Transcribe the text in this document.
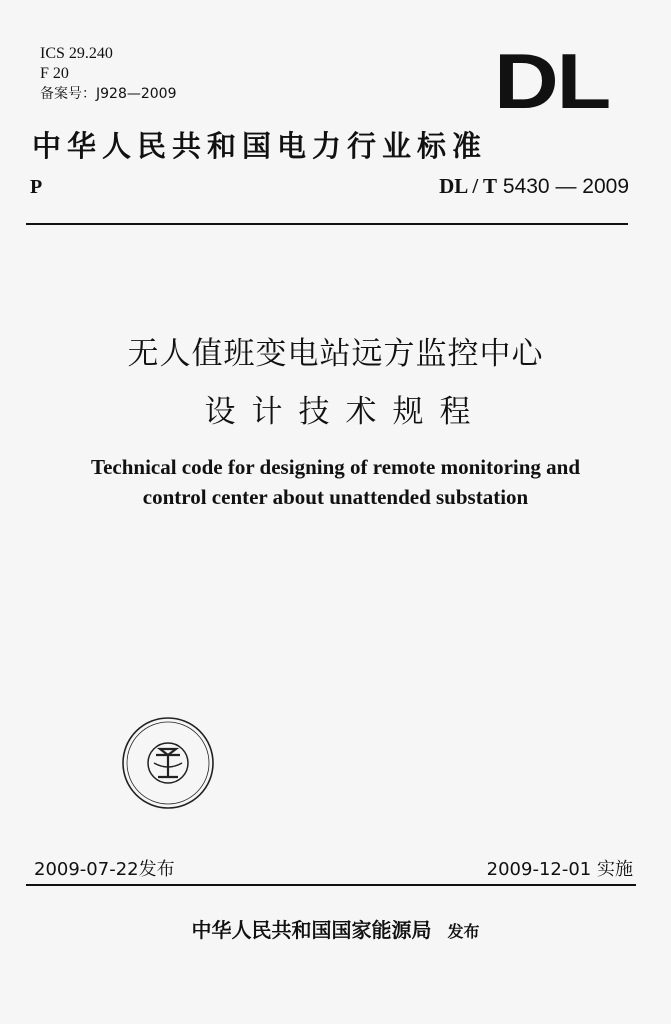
ICS 29.240
F 20
备案号：J928—2009	DL
中华人民共和国电力行业标准
P	DL / T 5430 — 2009
无人值班变电站远方监控中心
设计技术规程
Technical code for designing of remote monitoring and
control center about unattended substation
2009-07-22发布	2009-12-01 实施
中华人民共和国国家能源局 发布
